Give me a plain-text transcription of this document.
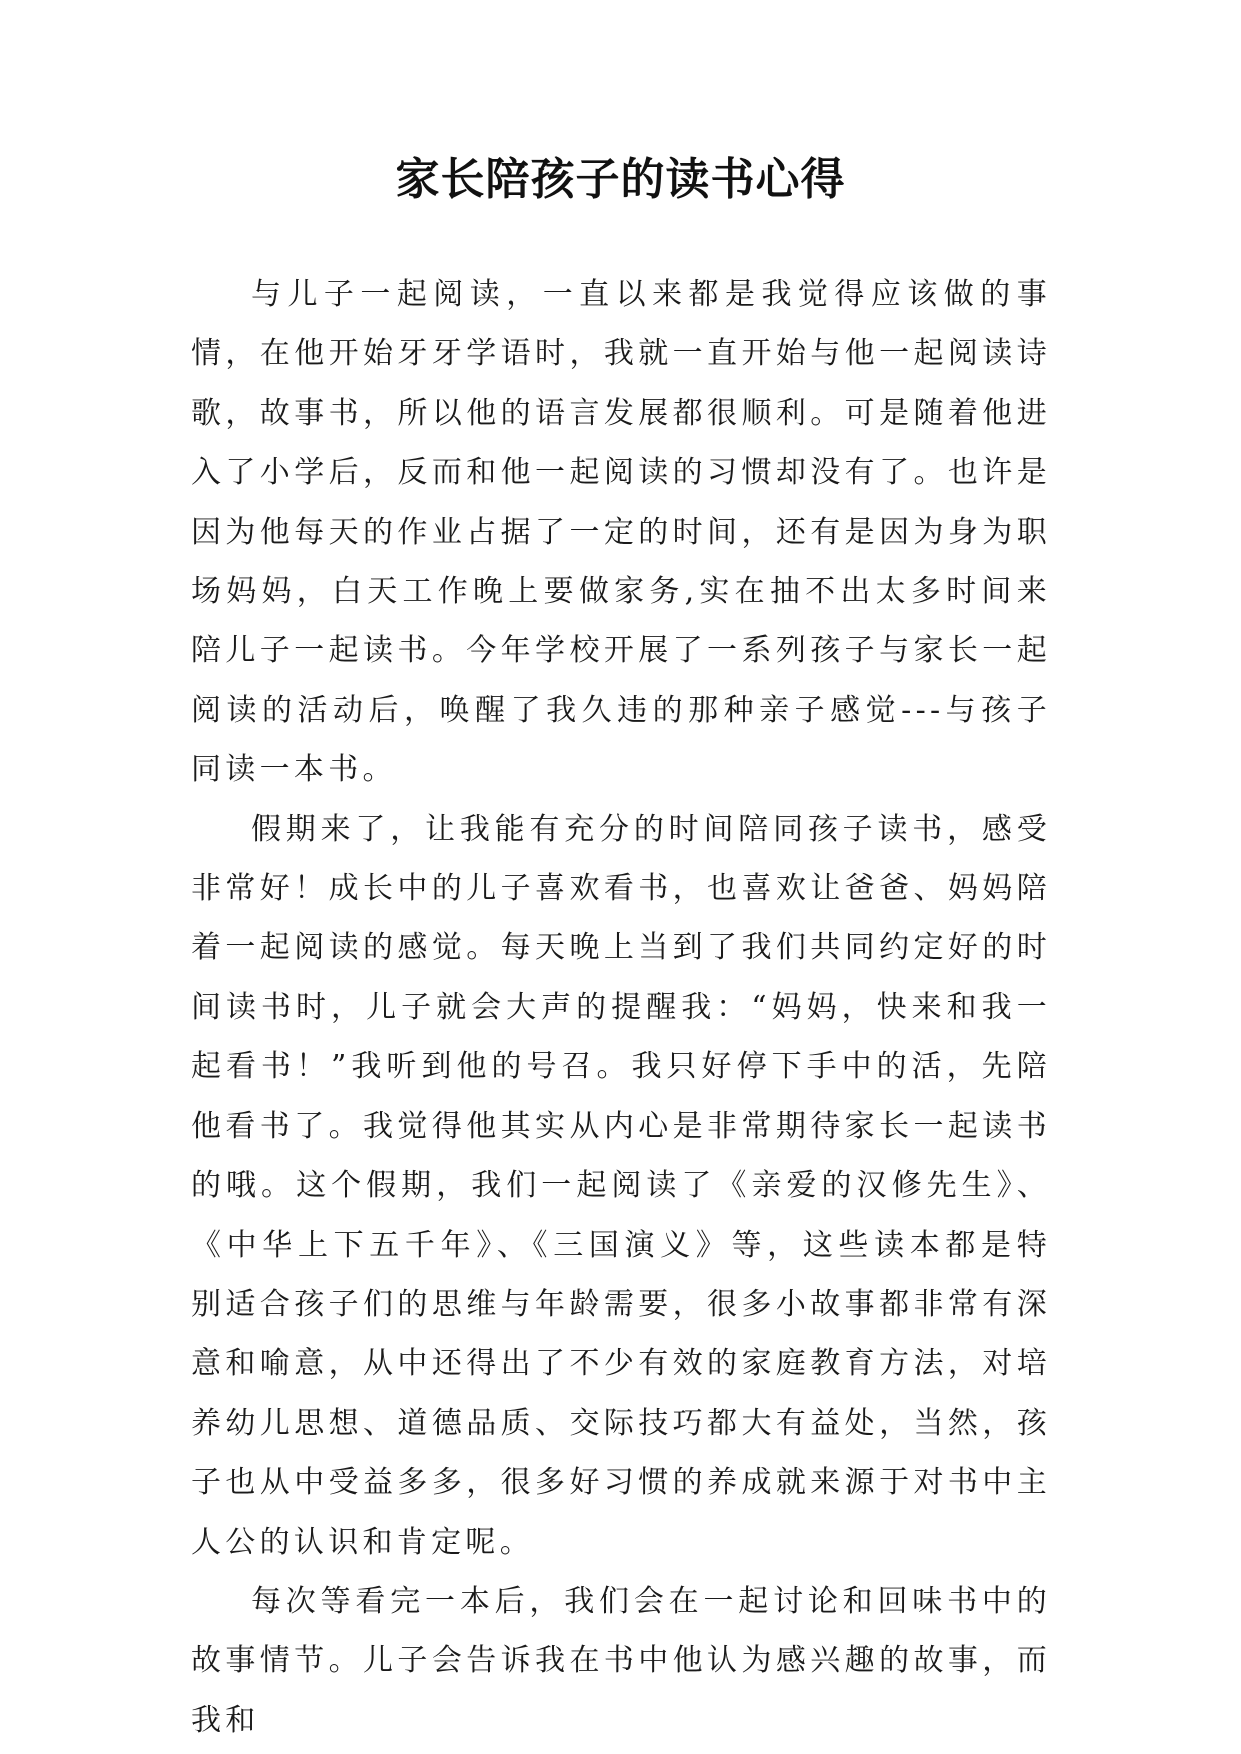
家长陪孩子的读书心得

与儿子一起阅读，一直以来都是我觉得应该做的事情，在他开始牙牙学语时，我就一直开始与他一起阅读诗歌，故事书，所以他的语言发展都很顺利。可是随着他进入了小学后，反而和他一起阅读的习惯却没有了。也许是因为他每天的作业占据了一定的时间，还有是因为身为职场妈妈，白天工作晚上要做家务,实在抽不出太多时间来陪儿子一起读书。今年学校开展了一系列孩子与家长一起阅读的活动后，唤醒了我久违的那种亲子感觉---与孩子同读一本书。

假期来了，让我能有充分的时间陪同孩子读书，感受非常好！成长中的儿子喜欢看书，也喜欢让爸爸、妈妈陪着一起阅读的感觉。每天晚上当到了我们共同约定好的时间读书时，儿子就会大声的提醒我：“妈妈，快来和我一起看书！”我听到他的号召。我只好停下手中的活，先陪他看书了。我觉得他其实从内心是非常期待家长一起读书的哦。这个假期，我们一起阅读了《亲爱的汉修先生》、《中华上下五千年》、《三国演义》等，这些读本都是特别适合孩子们的思维与年龄需要，很多小故事都非常有深意和喻意，从中还得出了不少有效的家庭教育方法，对培养幼儿思想、道德品质、交际技巧都大有益处，当然，孩子也从中受益多多，很多好习惯的养成就来源于对书中主人公的认识和肯定呢。

每次等看完一本后，我们会在一起讨论和回味书中的故事情节。儿子会告诉我在书中他认为感兴趣的故事，而我和
